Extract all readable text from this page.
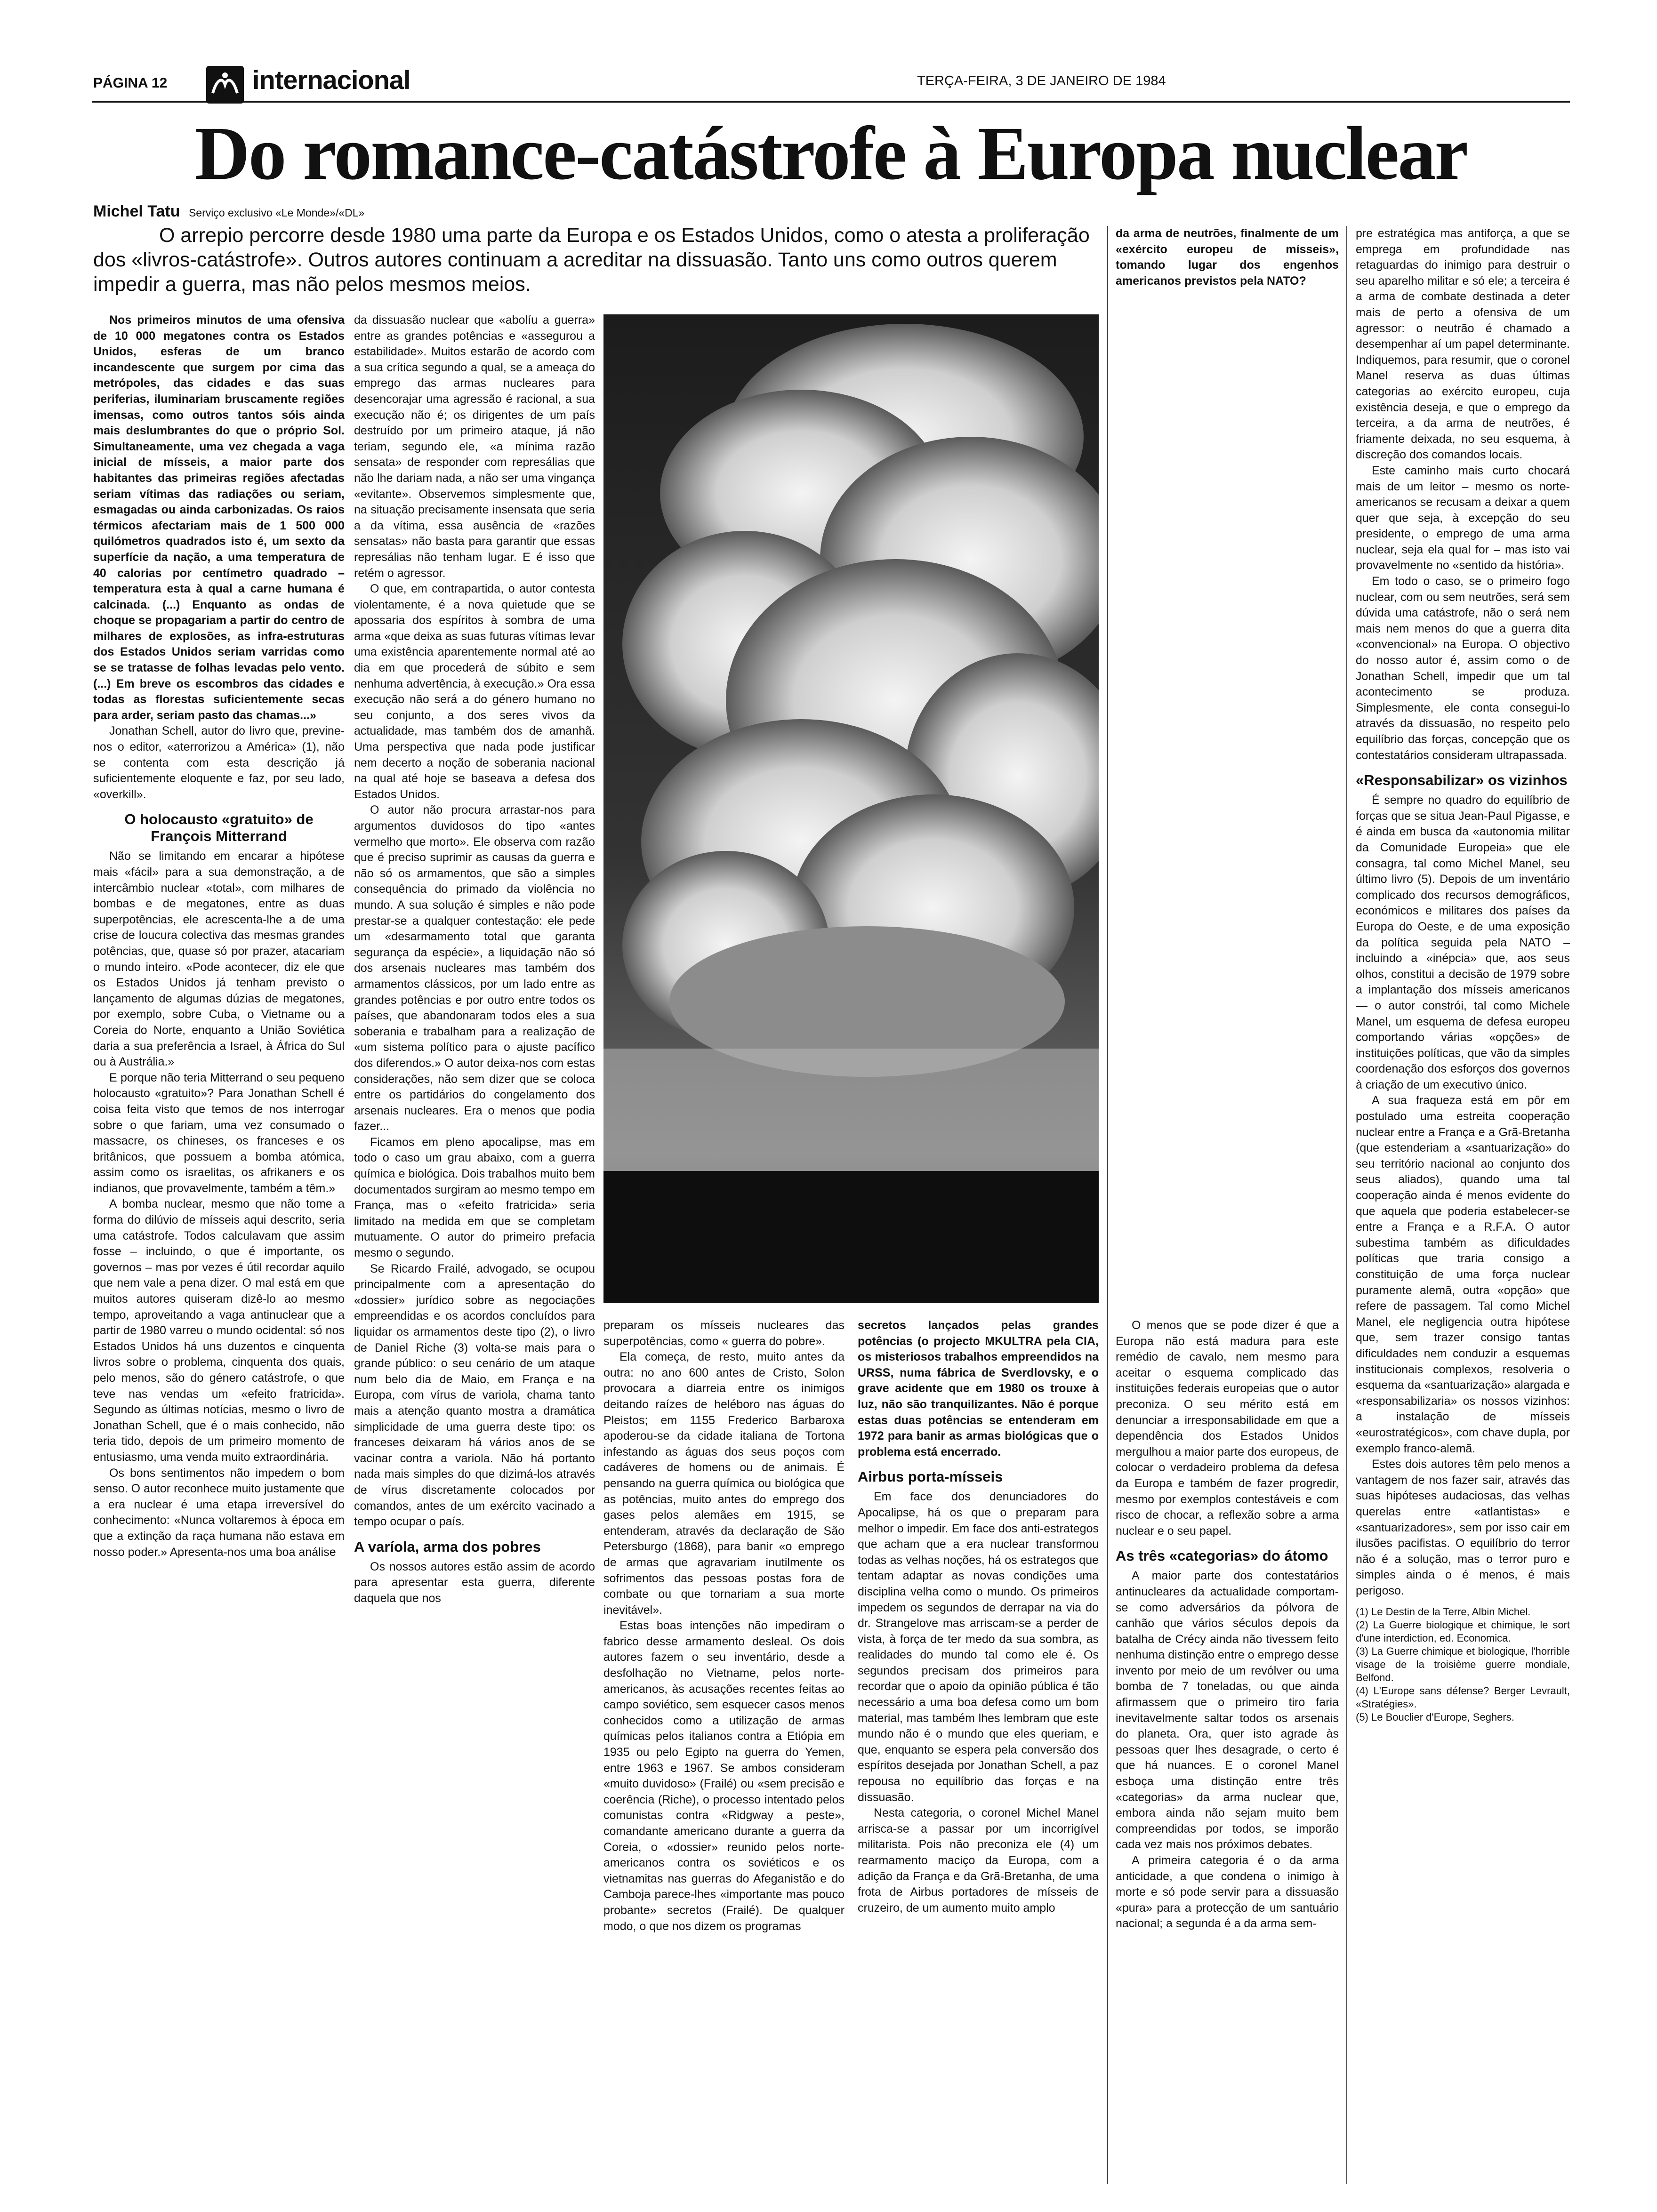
PÁGINA 12	internacional	TERÇA-FEIRA, 3 DE JANEIRO DE 1984
Do romance-catástrofe à Europa nuclear
Michel Tatu Serviço exclusivo «Le Monde»/«DL»
O arrepio percorre desde 1980 uma parte da Europa e os Estados Unidos, como o atesta a proliferação dos «livros-catástrofe». Outros autores continuam a acreditar na dissuasão. Tanto uns como outros querem impedir a guerra, mas não pelos mesmos meios.

Nos primeiros minutos de uma ofensiva de 10 000 megatones contra os Estados Unidos, esferas de um branco incandescente que surgem por cima das metrópoles, das cidades e das suas periferias, iluminariam bruscamente regiões imensas, como outros tantos sóis ainda mais deslumbrantes do que o próprio Sol. Simultaneamente, uma vez chegada a vaga inicial de mísseis, a maior parte dos habitantes das primeiras regiões afectadas seriam vítimas das radiações ou seriam, esmagadas ou ainda carbonizadas. Os raios térmicos afectariam mais de 1 500 000 quilómetros quadrados isto é, um sexto da superfície da nação, a uma temperatura de 40 calorias por centímetro quadrado – temperatura esta à qual a carne humana é calcinada. (...) Enquanto as ondas de choque se propagariam a partir do centro de milhares de explosões, as infra-estruturas dos Estados Unidos seriam varridas como se se tratasse de folhas levadas pelo vento. (...) Em breve os escombros das cidades e todas as florestas suficientemente secas para arder, seriam pasto das chamas...»

Jonathan Schell, autor do livro que, previne-nos o editor, «aterrorizou a América» (1), não se contenta com esta descrição já suficientemente eloquente e faz, por seu lado, «overkill».

O holocausto «gratuito» de François Mitterrand

Não se limitando em encarar a hipótese mais «fácil» para a sua demonstração, a de intercâmbio nuclear «total», com milhares de bombas e de megatones, entre as duas superpotências, ele acrescenta-lhe a de uma crise de loucura colectiva das mesmas grandes potências, que, quase só por prazer, atacariam o mundo inteiro. «Pode acontecer, diz ele que os Estados Unidos já tenham previsto o lançamento de algumas dúzias de megatones, por exemplo, sobre Cuba, o Vietname ou a Coreia do Norte, enquanto a União Soviética daria a sua preferência a Israel, à África do Sul ou à Austrália.»

E porque não teria Mitterrand o seu pequeno holocausto «gratuito»? Para Jonathan Schell é coisa feita visto que temos de nos interrogar sobre o que fariam, uma vez consumado o massacre, os chineses, os franceses e os britânicos, que possuem a bomba atómica, assim como os israelitas, os afrikaners e os indianos, que provavelmente, também a têm.»

A bomba nuclear, mesmo que não tome a forma do dilúvio de mísseis aqui descrito, seria uma catástrofe. Todos calculavam que assim fosse – incluindo, o que é importante, os governos – mas por vezes é útil recordar aquilo que nem vale a pena dizer. O mal está em que muitos autores quiseram dizê-lo ao mesmo tempo, aproveitando a vaga antinuclear que a partir de 1980 varreu o mundo ocidental: só nos Estados Unidos há uns duzentos e cinquenta livros sobre o problema, cinquenta dos quais, pelo menos, são do género catástrofe, o que teve nas vendas um «efeito fratricida». Segundo as últimas notícias, mesmo o livro de Jonathan Schell, que é o mais conhecido, não teria tido, depois de um primeiro momento de entusiasmo, uma venda muito extraordinária.

Os bons sentimentos não impedem o bom senso. O autor reconhece muito justamente que a era nuclear é uma etapa irreversível do conhecimento: «Nunca voltaremos à época em que a extinção da raça humana não estava em nosso poder.» Apresenta-nos uma boa análise

da dissuasão nuclear que «abolíu a guerra» entre as grandes potências e «assegurou a estabilidade». Muitos estarão de acordo com a sua crítica segundo a qual, se a ameaça do emprego das armas nucleares para desencorajar uma agressão é racional, a sua execução não é; os dirigentes de um país destruído por um primeiro ataque, já não teriam, segundo ele, «a mínima razão sensata» de responder com represálias que não lhe dariam nada, a não ser uma vingança «evitante». Observemos simplesmente que, na situação precisamente insensata que seria a da vítima, essa ausência de «razões sensatas» não basta para garantir que essas represálias não tenham lugar. E é isso que retém o agressor.

O que, em contrapartida, o autor contesta violentamente, é a nova quietude que se apossaria dos espíritos à sombra de uma arma «que deixa as suas futuras vítimas levar uma existência aparentemente normal até ao dia em que procederá de súbito e sem nenhuma advertência, à execução.» Ora essa execução não será a do género humano no seu conjunto, a dos seres vivos da actualidade, mas também dos de amanhã. Uma perspectiva que nada pode justificar nem decerto a noção de soberania nacional na qual até hoje se baseava a defesa dos Estados Unidos.

O autor não procura arrastar-nos para argumentos duvidosos do tipo «antes vermelho que morto». Ele observa com razão que é preciso suprimir as causas da guerra e não só os armamentos, que são a simples consequência do primado da violência no mundo. A sua solução é simples e não pode prestar-se a qualquer contestação: ele pede um «desarmamento total que garanta segurança da espécie», a liquidação não só dos arsenais nucleares mas também dos armamentos clássicos, por um lado entre as grandes potências e por outro entre todos os países, que abandonaram todos eles a sua soberania e trabalham para a realização de «um sistema político para o ajuste pacífico dos diferendos.» O autor deixa-nos com estas considerações, não sem dizer que se coloca entre os partidários do congelamento dos arsenais nucleares. Era o menos que podia fazer...

Ficamos em pleno apocalipse, mas em todo o caso um grau abaixo, com a guerra química e biológica. Dois trabalhos muito bem documentados surgiram ao mesmo tempo em França, mas o «efeito fratricida» seria limitado na medida em que se completam mutuamente. O autor do primeiro prefacia mesmo o segundo.

Se Ricardo Frailé, advogado, se ocupou principalmente com a apresentação do «dossier» jurídico sobre as negociações empreendidas e os acordos concluídos para liquidar os armamentos deste tipo (2), o livro de Daniel Riche (3) volta-se mais para o grande público: o seu cenário de um ataque num belo dia de Maio, em França e na Europa, com vírus de variola, chama tanto mais a atenção quanto mostra a dramática simplicidade de uma guerra deste tipo: os franceses deixaram há vários anos de se vacinar contra a variola. Não há portanto nada mais simples do que dizimá-los através de vírus discretamente colocados por comandos, antes de um exército vacinado a tempo ocupar o país.

A varíola, arma dos pobres

Os nossos autores estão assim de acordo para apresentar esta guerra, diferente daquela que nos

preparam os mísseis nucleares das superpotências, como « guerra do pobre».

Ela começa, de resto, muito antes da outra: no ano 600 antes de Cristo, Solon provocara a diarreia entre os inimigos deitando raízes de heléboro nas águas do Pleistos; em 1155 Frederico Barbaroxa apoderou-se da cidade italiana de Tortona infestando as águas dos seus poços com cadáveres de homens ou de animais. É pensando na guerra química ou biológica que as potências, muito antes do emprego dos gases pelos alemães em 1915, se entenderam, através da declaração de São Petersburgo (1868), para banir «o emprego de armas que agravariam inutilmente os sofrimentos das pessoas postas fora de combate ou que tornariam a sua morte inevitável».

Estas boas intenções não impediram o fabrico desse armamento desleal. Os dois autores fazem o seu inventário, desde a desfolhação no Vietname, pelos norte-americanos, às acusações recentes feitas ao campo soviético, sem esquecer casos menos conhecidos como a utilização de armas químicas pelos italianos contra a Etiópia em 1935 ou pelo Egipto na guerra do Yemen, entre 1963 e 1967. Se ambos consideram «muito duvidoso» (Frailé) ou «sem precisão e coerência (Riche), o processo intentado pelos comunistas contra «Ridgway a peste», comandante americano durante a guerra da Coreia, o «dossier» reunido pelos norte-americanos contra os soviéticos e os vietnamitas nas guerras do Afeganistão e do Camboja parece-lhes «importante mas pouco probante» secretos (Frailé). De qualquer modo, o que nos dizem os programas

secretos lançados pelas grandes potências (o projecto MKULTRA pela CIA, os misteriosos trabalhos empreendidos na URSS, numa fábrica de Sverdlovsky, e o grave acidente que em 1980 os trouxe à luz, não são tranquilizantes. Não é porque estas duas potências se entenderam em 1972 para banir as armas biológicas que o problema está encerrado.

Airbus porta-mísseis

Em face dos denunciadores do Apocalipse, há os que o preparam para melhor o impedir. Em face dos anti-estrategos que acham que a era nuclear transformou todas as velhas noções, há os estrategos que tentam adaptar as novas condições uma disciplina velha como o mundo. Os primeiros impedem os segundos de derrapar na via do dr. Strangelove mas arriscam-se a perder de vista, à força de ter medo da sua sombra, as realidades do mundo tal como ele é. Os segundos precisam dos primeiros para recordar que o apoio da opinião pública é tão necessário a uma boa defesa como um bom material, mas também lhes lembram que este mundo não é o mundo que eles queriam, e que, enquanto se espera pela conversão dos espíritos desejada por Jonathan Schell, a paz repousa no equilíbrio das forças e na dissuasão.

Nesta categoria, o coronel Michel Manel arrisca-se a passar por um incorrigível militarista. Pois não preconiza ele (4) um rearmamento maciço da Europa, com a adição da França e da Grã-Bretanha, de uma frota de Airbus portadores de mísseis de cruzeiro, de um aumento muito amplo

da arma de neutrões, finalmente de um «exército europeu de mísseis», tomando lugar dos engenhos americanos previstos pela NATO?

O menos que se pode dizer é que a Europa não está madura para este remédio de cavalo, nem mesmo para aceitar o esquema complicado das instituições federais europeias que o autor preconiza. O seu mérito está em denunciar a irresponsabilidade em que a dependência dos Estados Unidos mergulhou a maior parte dos europeus, de colocar o verdadeiro problema da defesa da Europa e também de fazer progredir, mesmo por exemplos contestáveis e com risco de chocar, a reflexão sobre a arma nuclear e o seu papel.

As três «categorias» do átomo

A maior parte dos contestatários antinucleares da actualidade comportam-se como adversários da pólvora de canhão que vários séculos depois da batalha de Crécy ainda não tivessem feito nenhuma distinção entre o emprego desse invento por meio de um revólver ou uma bomba de 7 toneladas, ou que ainda afirmassem que o primeiro tiro faria inevitavelmente saltar todos os arsenais do planeta. Ora, quer isto agrade às pessoas quer lhes desagrade, o certo é que há nuances. E o coronel Manel esboça uma distinção entre três «categorias» da arma nuclear que, embora ainda não sejam muito bem compreendidas por todos, se imporão cada vez mais nos próximos debates.

A primeira categoria é o da arma anticidade, a que condena o inimigo à morte e só pode servir para a dissuasão «pura» para a protecção de um santuário nacional; a segunda é a da arma sem-

pre estratégica mas antiforça, a que se emprega em profundidade nas retaguardas do inimigo para destruir o seu aparelho militar e só ele; a terceira é a arma de combate destinada a deter mais de perto a ofensiva de um agressor: o neutrão é chamado a desempenhar aí um papel determinante. Indiquemos, para resumir, que o coronel Manel reserva as duas últimas categorias ao exército europeu, cuja existência deseja, e que o emprego da terceira, a da arma de neutrões, é friamente deixada, no seu esquema, à discreção dos comandos locais.

Este caminho mais curto chocará mais de um leitor – mesmo os norte-americanos se recusam a deixar a quem quer que seja, à excepção do seu presidente, o emprego de uma arma nuclear, seja ela qual for – mas isto vai provavelmente no «sentido da história».

Em todo o caso, se o primeiro fogo nuclear, com ou sem neutrões, será sem dúvida uma catástrofe, não o será nem mais nem menos do que a guerra dita «convencional» na Europa. O objectivo do nosso autor é, assim como o de Jonathan Schell, impedir que um tal acontecimento se produza. Simplesmente, ele conta consegui-lo através da dissuasão, no respeito pelo equilíbrio das forças, concepção que os contestatários consideram ultrapassada.

«Responsabilizar» os vizinhos

É sempre no quadro do equilíbrio de forças que se situa Jean-Paul Pigasse, e é ainda em busca da «autonomia militar da Comunidade Europeia» que ele consagra, tal como Michel Manel, seu último livro (5). Depois de um inventário complicado dos recursos demográficos, económicos e militares dos países da Europa do Oeste, e de uma exposição da política seguida pela NATO – incluindo a «inépcia» que, aos seus olhos, constitui a decisão de 1979 sobre a implantação dos mísseis americanos — o autor constrói, tal como Michele Manel, um esquema de defesa europeu comportando várias «opções» de instituições políticas, que vão da simples coordenação dos esforços dos governos à criação de um executivo único.

A sua fraqueza está em pôr em postulado uma estreita cooperação nuclear entre a França e a Grã-Bretanha (que estenderiam a «santuarização» do seu território nacional ao conjunto dos seus aliados), quando uma tal cooperação ainda é menos evidente do que aquela que poderia estabelecer-se entre a França e a R.F.A. O autor subestima também as dificuldades políticas que traria consigo a constituição de uma força nuclear puramente alemã, outra «opção» que refere de passagem. Tal como Michel Manel, ele negligencia outra hipótese que, sem trazer consigo tantas dificuldades nem conduzir a esquemas institucionais complexos, resolveria o esquema da «santuarização» alargada e «responsabilizaria» os nossos vizinhos: a instalação de mísseis «eurostratégicos», com chave dupla, por exemplo franco-alemã.

Estes dois autores têm pelo menos a vantagem de nos fazer sair, através das suas hipóteses audaciosas, das velhas querelas entre «atlantistas» e «santuarizadores», sem por isso cair em ilusões pacifistas. O equilíbrio do terror não é a solução, mas o terror puro e simples ainda o é menos, é mais perigoso.

(1) Le Destin de la Terre, Albin Michel.
(2) La Guerre biologique et chimique, le sort d'une interdiction, ed. Economica.
(3) La Guerre chimique et biologique, l'horrible visage de la troisième guerre mondiale, Belfond.
(4) L'Europe sans défense? Berger Levrault, «Stratégies».
(5) Le Bouclier d'Europe, Seghers.
